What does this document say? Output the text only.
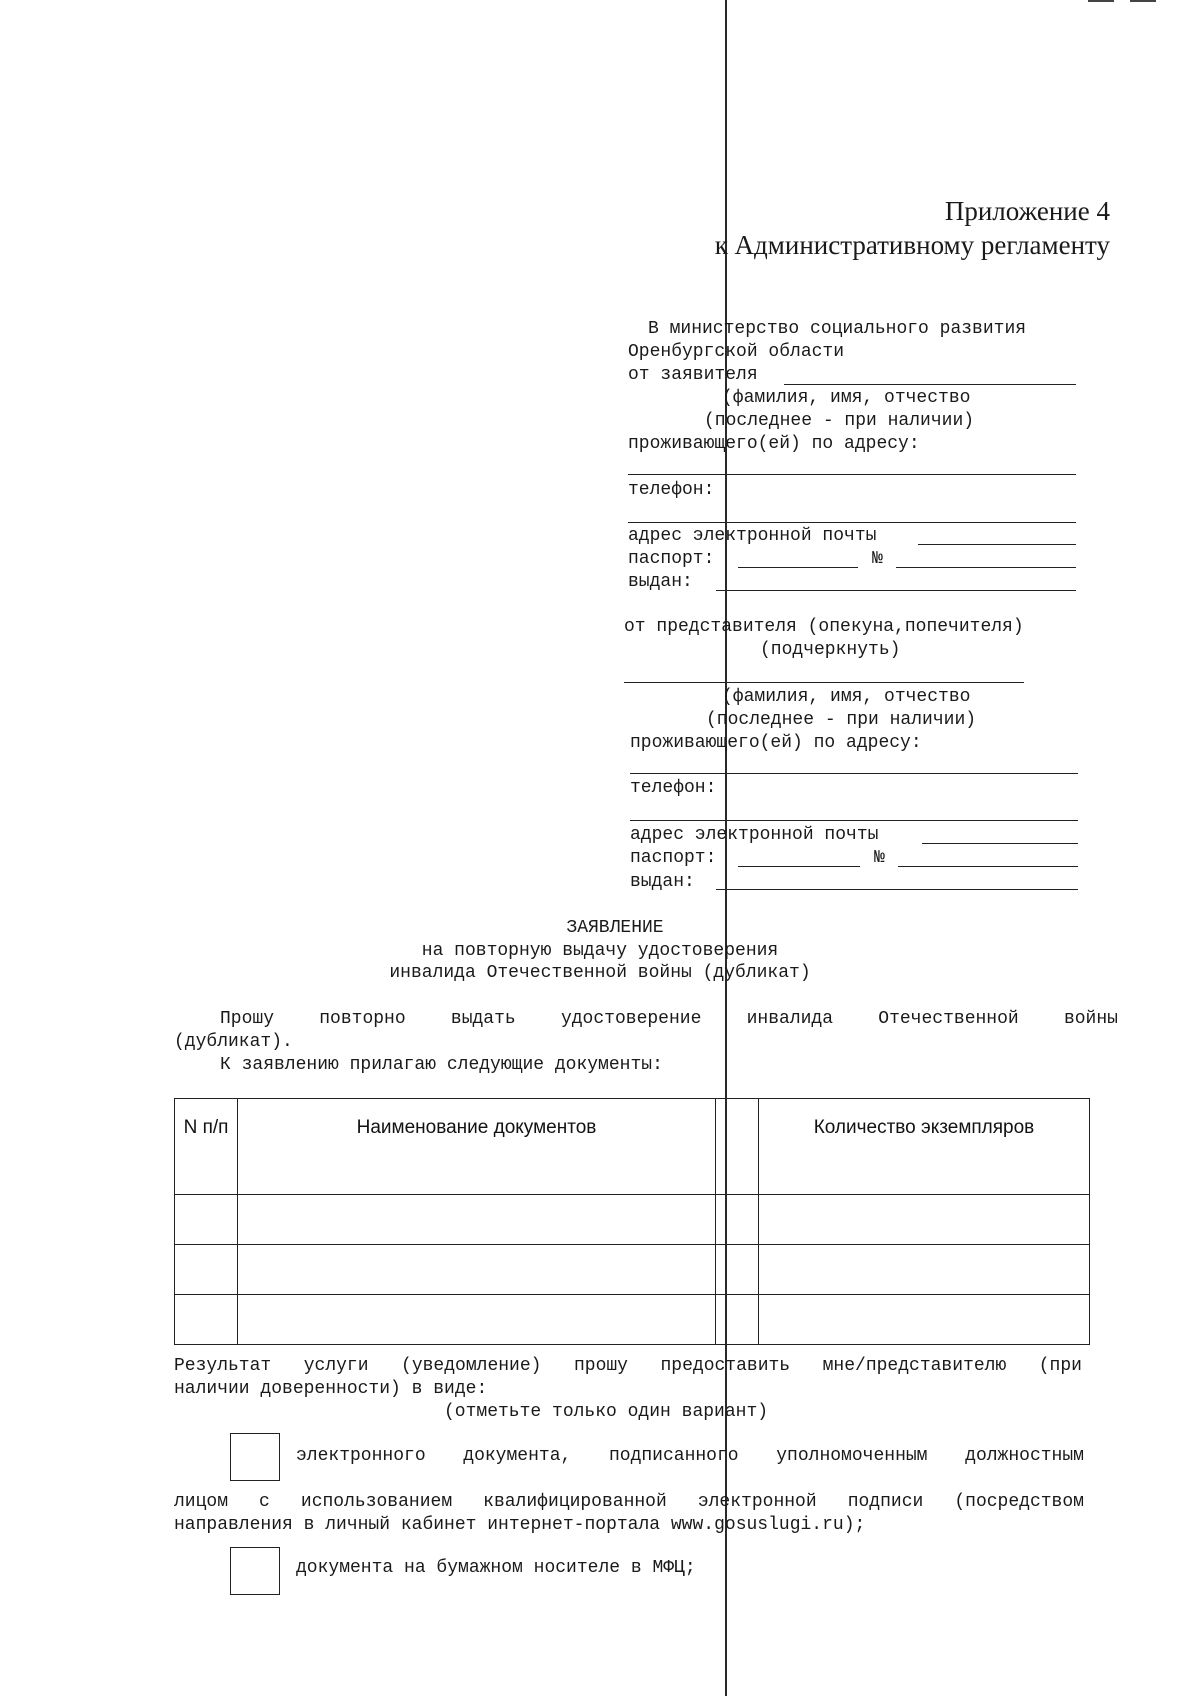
Приложение 4
к Административному регламенту
В министерство социального развития
Оренбургской области
от заявителя
(фамилия, имя, отчество
(последнее - при наличии)
проживающего(ей) по адресу:
телефон:
адрес электронной почты
паспорт:	№
выдан:
от представителя (опекуна,попечителя)
(подчеркнуть)
(фамилия, имя, отчество
(последнее - при наличии)
проживающего(ей) по адресу:
телефон:
адрес электронной почты
паспорт:	№
выдан:
ЗАЯВЛЕНИЕ
на повторную выдачу удостоверения
инвалида Отечественной войны (дубликат)
Прошу	повторно	выдать	удостоверение	инвалида	Отечественной	войны
(дубликат).
К заявлению прилагаю следующие документы:
N п/п	Наименование документов		Количество экземпляров

Результат услуги (уведомление) прошу предоставить мне/представителю (при
наличии доверенности) в виде:
(отметьте только один вариант)
электронного документа, подписанного уполномоченным должностным
лицом с использованием квалифицированной электронной подписи (посредством
направления в личный кабинет интернет-портала www.gosuslugi.ru);
документа на бумажном носителе в МФЦ;
